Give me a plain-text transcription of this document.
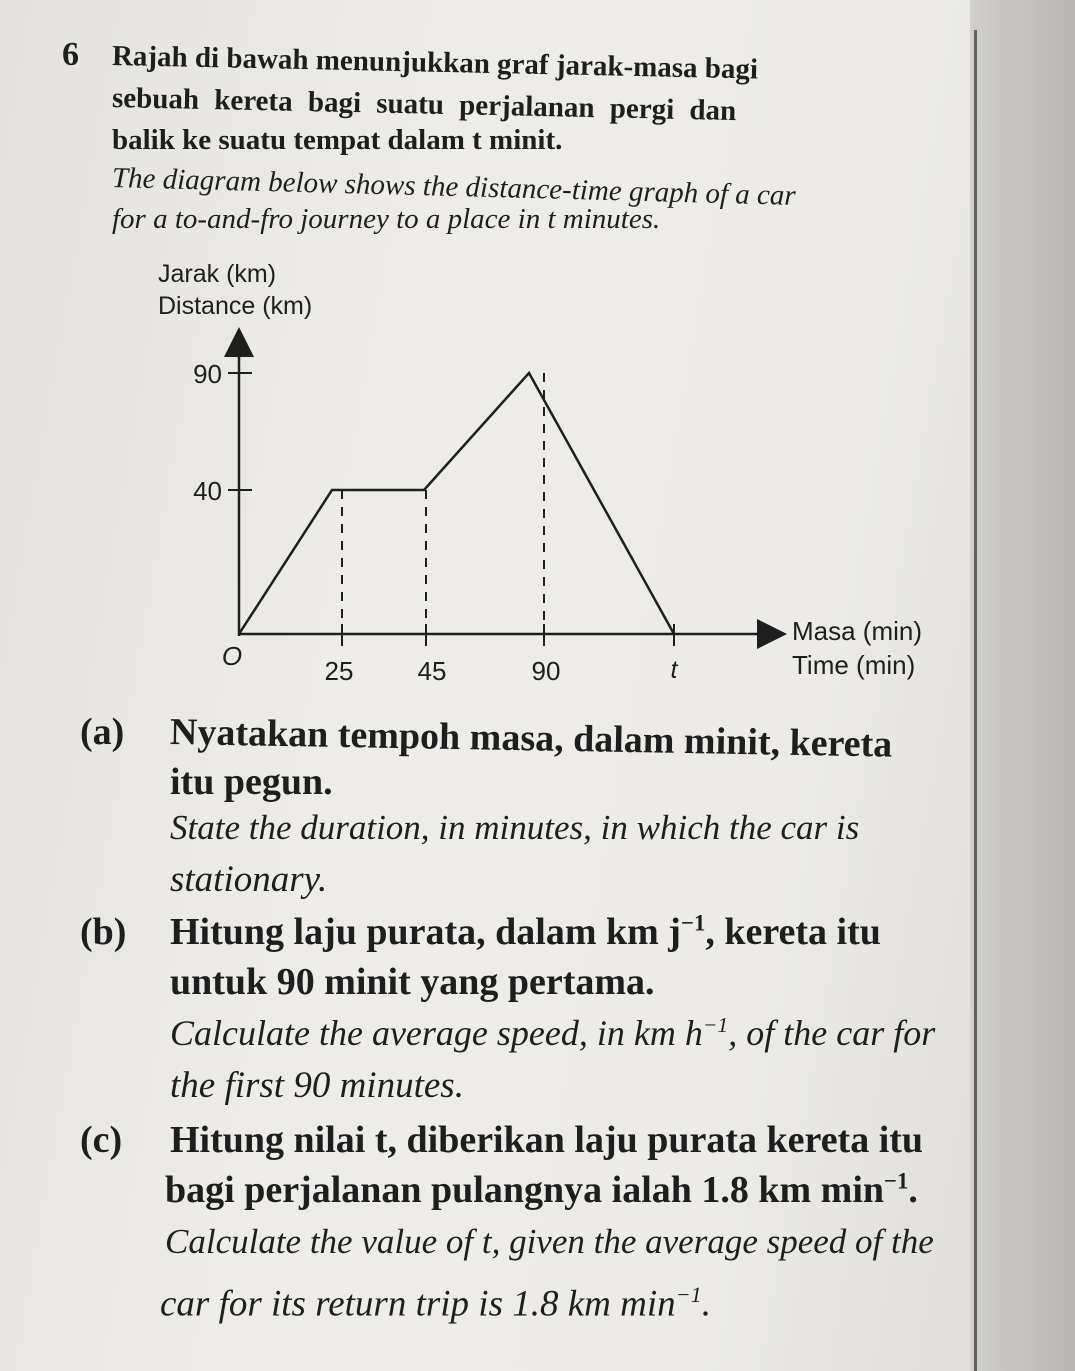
6 Rajah di bawah menunjukkan graf jarak-masa bagi
sebuah kereta bagi suatu perjalanan pergi dan
balik ke suatu tempat dalam t minit.
The diagram below shows the distance-time graph of a car
for a to-and-fro journey to a place in t minutes.
Jarak (km)
Distance (km)
90
40
O	25 45	90	t
Masa (min)
Time (min)
(a) Nyatakan tempoh masa, dalam minit, kereta
itu pegun.
State the duration, in minutes, in which the car is
stationary.
(b) Hitung laju purata, dalam km $j^{-1}$, kereta itu
untuk 90 minit yang pertama.
Calculate the average speed, in km $h^{-1}$, of the car for
the first 90 minutes.
(c) Hitung nilai t, diberikan laju purata kereta itu
bagi perjalanan pulangnya ialah 1.8 km $\min^{-1}$.
Calculate the value of t, given the average speed of the
car for its return trip is 1.8 km $\min^{-1}$.
